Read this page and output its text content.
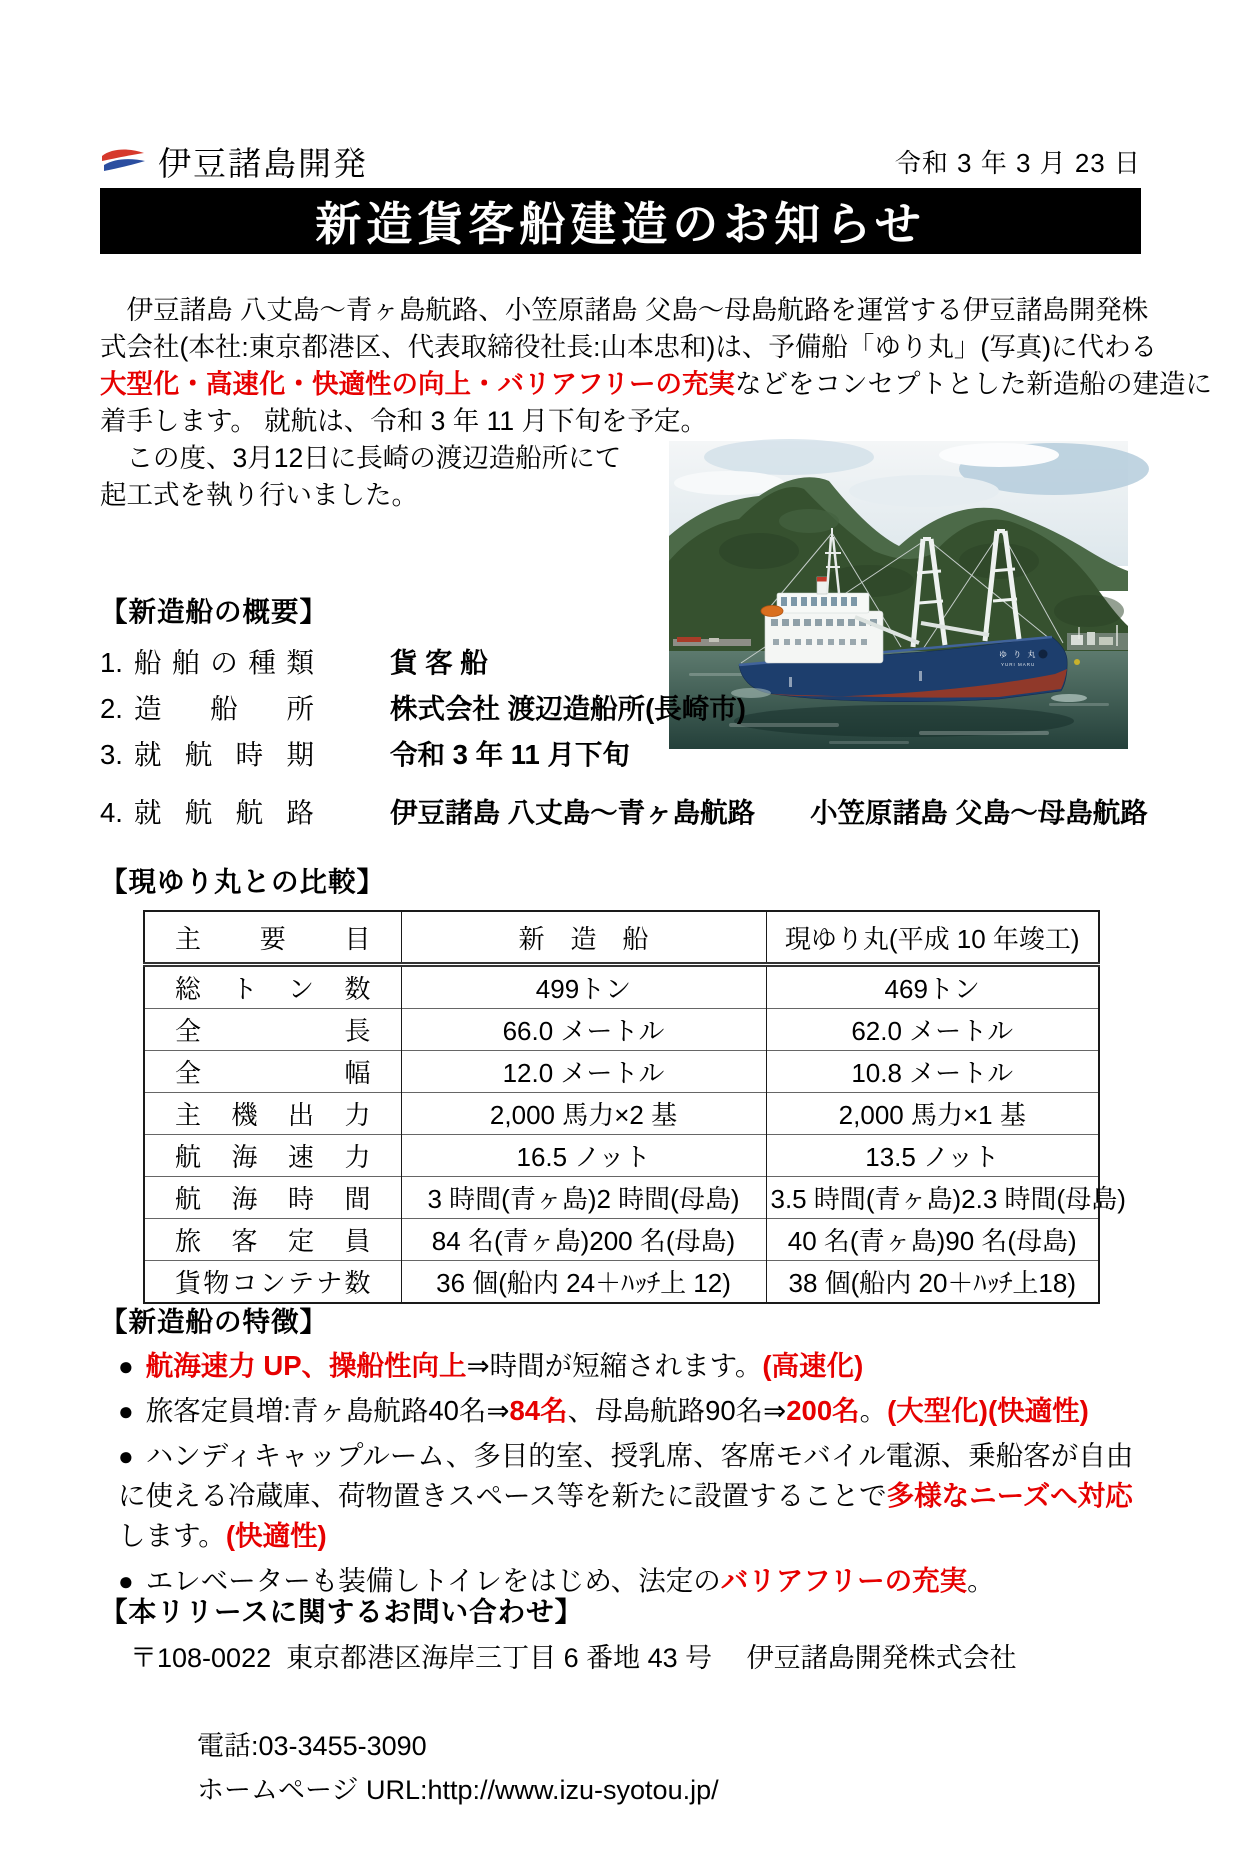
伊豆諸島開発	令和 3 年 3 月 23 日
新造貨客船建造のお知らせ
　伊豆諸島 八丈島～青ヶ島航路、小笠原諸島 父島～母島航路を運営する伊豆諸島開発株
式会社(本社:東京都港区、代表取締役社長:山本忠和)は、予備船「ゆり丸」(写真)に代わる
大型化・高速化・快適性の向上・バリアフリーの充実などをコンセプトとした新造船の建造に
着手します。 就航は、令和 3 年 11 月下旬を予定。
　この度、3月12日に長崎の渡辺造船所にて
起工式を執り行いました。
ゆ り 丸
YURI MARU
【新造船の概要】
1. 船舶の種類	貨 客 船
2. 造船所	株式会社 渡辺造船所(長崎市)
3. 就航時期	令和 3 年 11 月下旬
4. 就航航路	伊豆諸島 八丈島～青ヶ島航路　　小笠原諸島 父島～母島航路
【現ゆり丸との比較】
主要目	新　造　船	現ゆり丸(平成 10 年竣工)
総トン数	499トン	469トン
全長	66.0 メートル	62.0 メートル
全幅	12.0 メートル	10.8 メートル
主機出力	2,000 馬力×2 基	2,000 馬力×1 基
航海速力	16.5 ノット	13.5 ノット
航海時間	3 時間(青ヶ島)2 時間(母島)	3.5 時間(青ヶ島)2.3 時間(母島)
旅客定員	84 名(青ヶ島)200 名(母島)	40 名(青ヶ島)90 名(母島)
貨物コンテナ数	36 個(船内 24＋ﾊｯﾁ上 12)	38 個(船内 20＋ﾊｯﾁ上18)
【新造船の特徴】
● 航海速力 UP、操船性向上⇒時間が短縮されます。(高速化)
● 旅客定員増:青ヶ島航路40名⇒84名、母島航路90名⇒200名。(大型化)(快適性)
● ハンディキャップルーム、多目的室、授乳席、客席モバイル電源、乗船客が自由に使える冷蔵庫、荷物置きスペース等を新たに設置することで多様なニーズへ対応します。(快適性)
● エレベーターも装備しトイレをはじめ、法定のバリアフリーの充実。
【本リリースに関するお問い合わせ】
〒108-0022  東京都港区海岸三丁目 6 番地 43 号　 伊豆諸島開発株式会社

電話:03-3455-3090
ホームページ URL:http://www.izu-syotou.jp/
